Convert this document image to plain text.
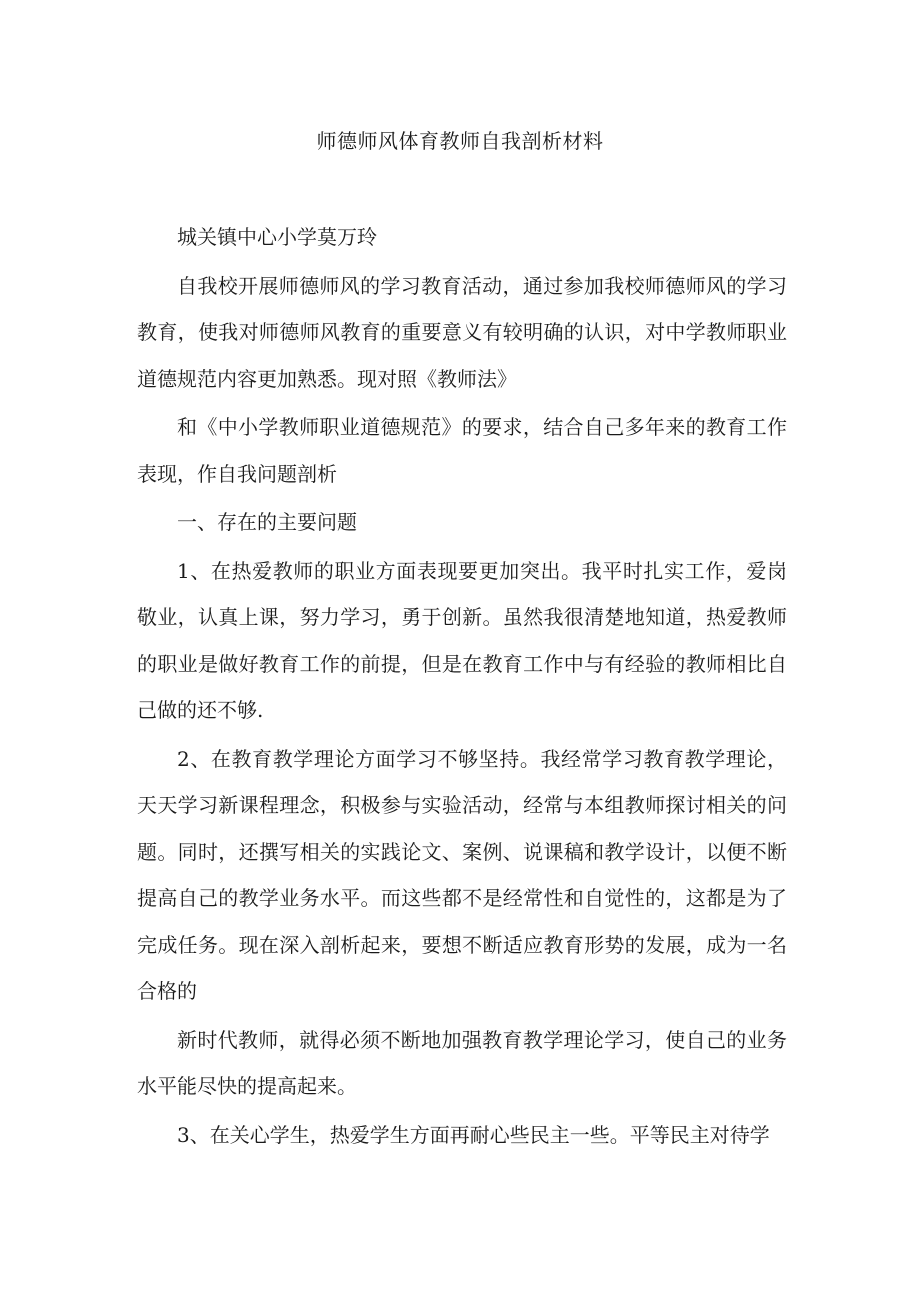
师德师风体育教师自我剖析材料

城关镇中心小学莫万玲

自我校开展师德师风的学习教育活动，通过参加我校师德师风的学习教育，使我对师德师风教育的重要意义有较明确的认识，对中学教师职业道德规范内容更加熟悉。现对照《教师法》

和《中小学教师职业道德规范》的要求，结合自己多年来的教育工作表现，作自我问题剖析

一、存在的主要问题

1、在热爱教师的职业方面表现要更加突出。我平时扎实工作，爱岗敬业，认真上课，努力学习，勇于创新。虽然我很清楚地知道，热爱教师的职业是做好教育工作的前提，但是在教育工作中与有经验的教师相比自己做的还不够.

2、在教育教学理论方面学习不够坚持。我经常学习教育教学理论，天天学习新课程理念，积极参与实验活动，经常与本组教师探讨相关的问题。同时，还撰写相关的实践论文、案例、说课稿和教学设计，以便不断提高自己的教学业务水平。而这些都不是经常性和自觉性的，这都是为了完成任务。现在深入剖析起来，要想不断适应教育形势的发展，成为一名合格的

新时代教师，就得必须不断地加强教育教学理论学习，使自己的业务水平能尽快的提高起来。

3、在关心学生，热爱学生方面再耐心些民主一些。平等民主对待学
